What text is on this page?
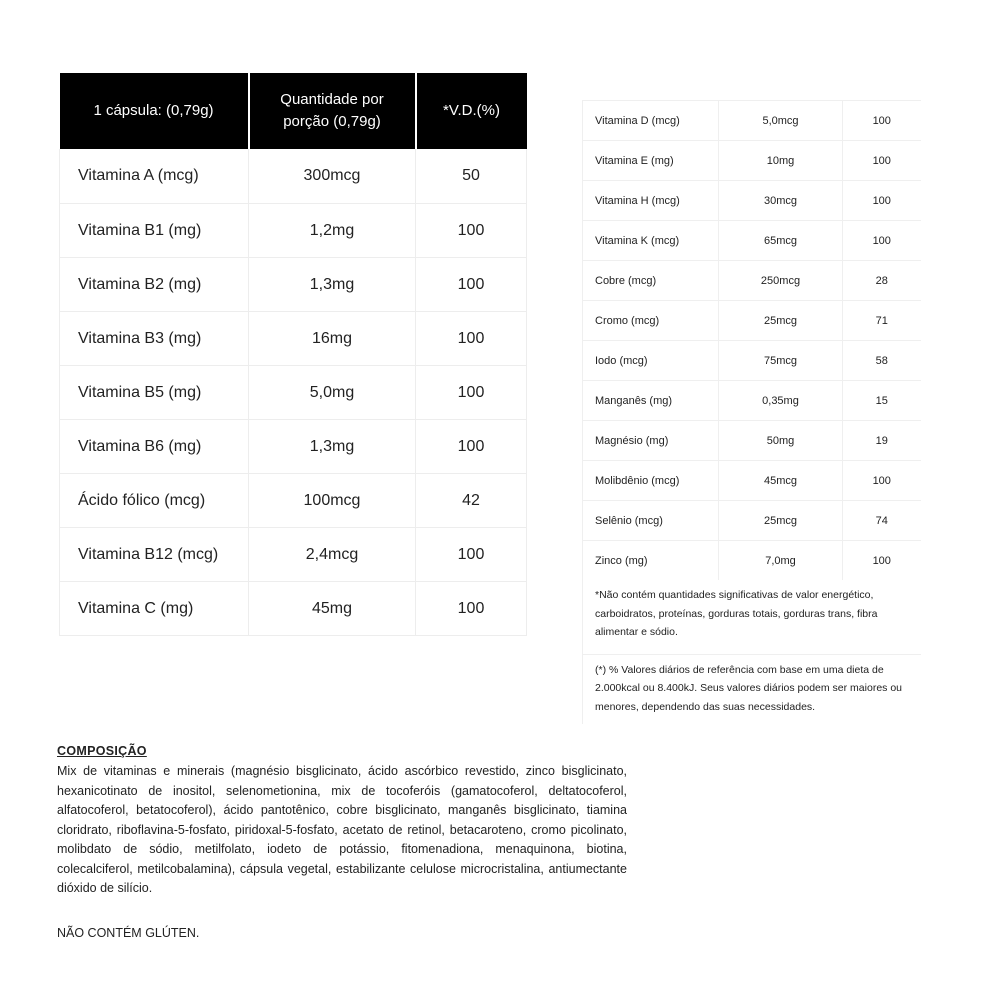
1 cápsula: (0,79g)	Quantidade por porção (0,79g)	*V.D.(%)
Vitamina A (mcg)	300mcg	50
Vitamina B1 (mg)	1,2mg	100
Vitamina B2 (mg)	1,3mg	100
Vitamina B3 (mg)	16mg	100
Vitamina B5 (mg)	5,0mg	100
Vitamina B6 (mg)	1,3mg	100
Ácido fólico (mcg)	100mcg	42
Vitamina B12 (mcg)	2,4mcg	100
Vitamina C (mg)	45mg	100
Vitamina D (mcg)	5,0mcg	100
Vitamina E (mg)	10mg	100
Vitamina H (mcg)	30mcg	100
Vitamina K (mcg)	65mcg	100
Cobre (mcg)	250mcg	28
Cromo (mcg)	25mcg	71
Iodo (mcg)	75mcg	58
Manganês (mg)	0,35mg	15
Magnésio (mg)	50mg	19
Molibdênio (mcg)	45mcg	100
Selênio (mcg)	25mcg	74
Zinco (mg)	7,0mg	100
*Não contém quantidades significativas de valor energético, carboidratos, proteínas, gorduras totais, gorduras trans, fibra alimentar e sódio.
(*) % Valores diários de referência com base em uma dieta de 2.000kcal ou 8.400kJ. Seus valores diários podem ser maiores ou menores, dependendo das suas necessidades.

COMPOSIÇÃO

Mix de vitaminas e minerais (magnésio bisglicinato, ácido ascórbico revestido, zinco bisglicinato, hexanicotinato de inositol, selenometionina, mix de tocoferóis (gamatocoferol, deltatocoferol, alfatocoferol, betatocoferol), ácido pantotênico, cobre bisglicinato, manganês bisglicinato, tiamina cloridrato, riboflavina-5-fosfato, piridoxal-5-fosfato, acetato de retinol, betacaroteno, cromo picolinato, molibdato de sódio, metilfolato, iodeto de potássio, fitomenadiona, menaquinona, biotina, colecalciferol, metilcobalamina), cápsula vegetal, estabilizante celulose microcristalina, antiumectante dióxido de silício.

NÃO CONTÉM GLÚTEN.
